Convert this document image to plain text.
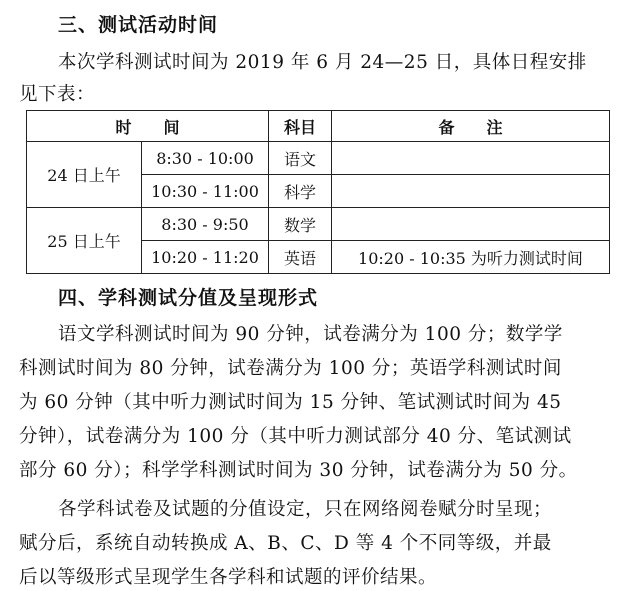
三、测试活动时间
本次学科测试时间为 2019 年 6 月 24—25 日，具体日程安排
见下表：
时　　间		科目	备　　注
24 日上午	8:30 - 10:00	语文	
	10:30 - 11:00	科学	
25 日上午	8:30 - 9:50	数学	
	10:20 - 11:20	英语	10:20 - 10:35 为听力测试时间
四、学科测试分值及呈现形式
语文学科测试时间为 90 分钟，试卷满分为 100 分；数学学
科测试时间为 80 分钟，试卷满分为 100 分；英语学科测试时间
为 60 分钟（其中听力测试时间为 15 分钟、笔试测试时间为 45
分钟），试卷满分为 100 分（其中听力测试部分 40 分、笔试测试
部分 60 分）；科学学科测试时间为 30 分钟，试卷满分为 50 分。
各学科试卷及试题的分值设定，只在网络阅卷赋分时呈现；
赋分后，系统自动转换成 A、B、C、D 等 4 个不同等级，并最
后以等级形式呈现学生各学科和试题的评价结果。
